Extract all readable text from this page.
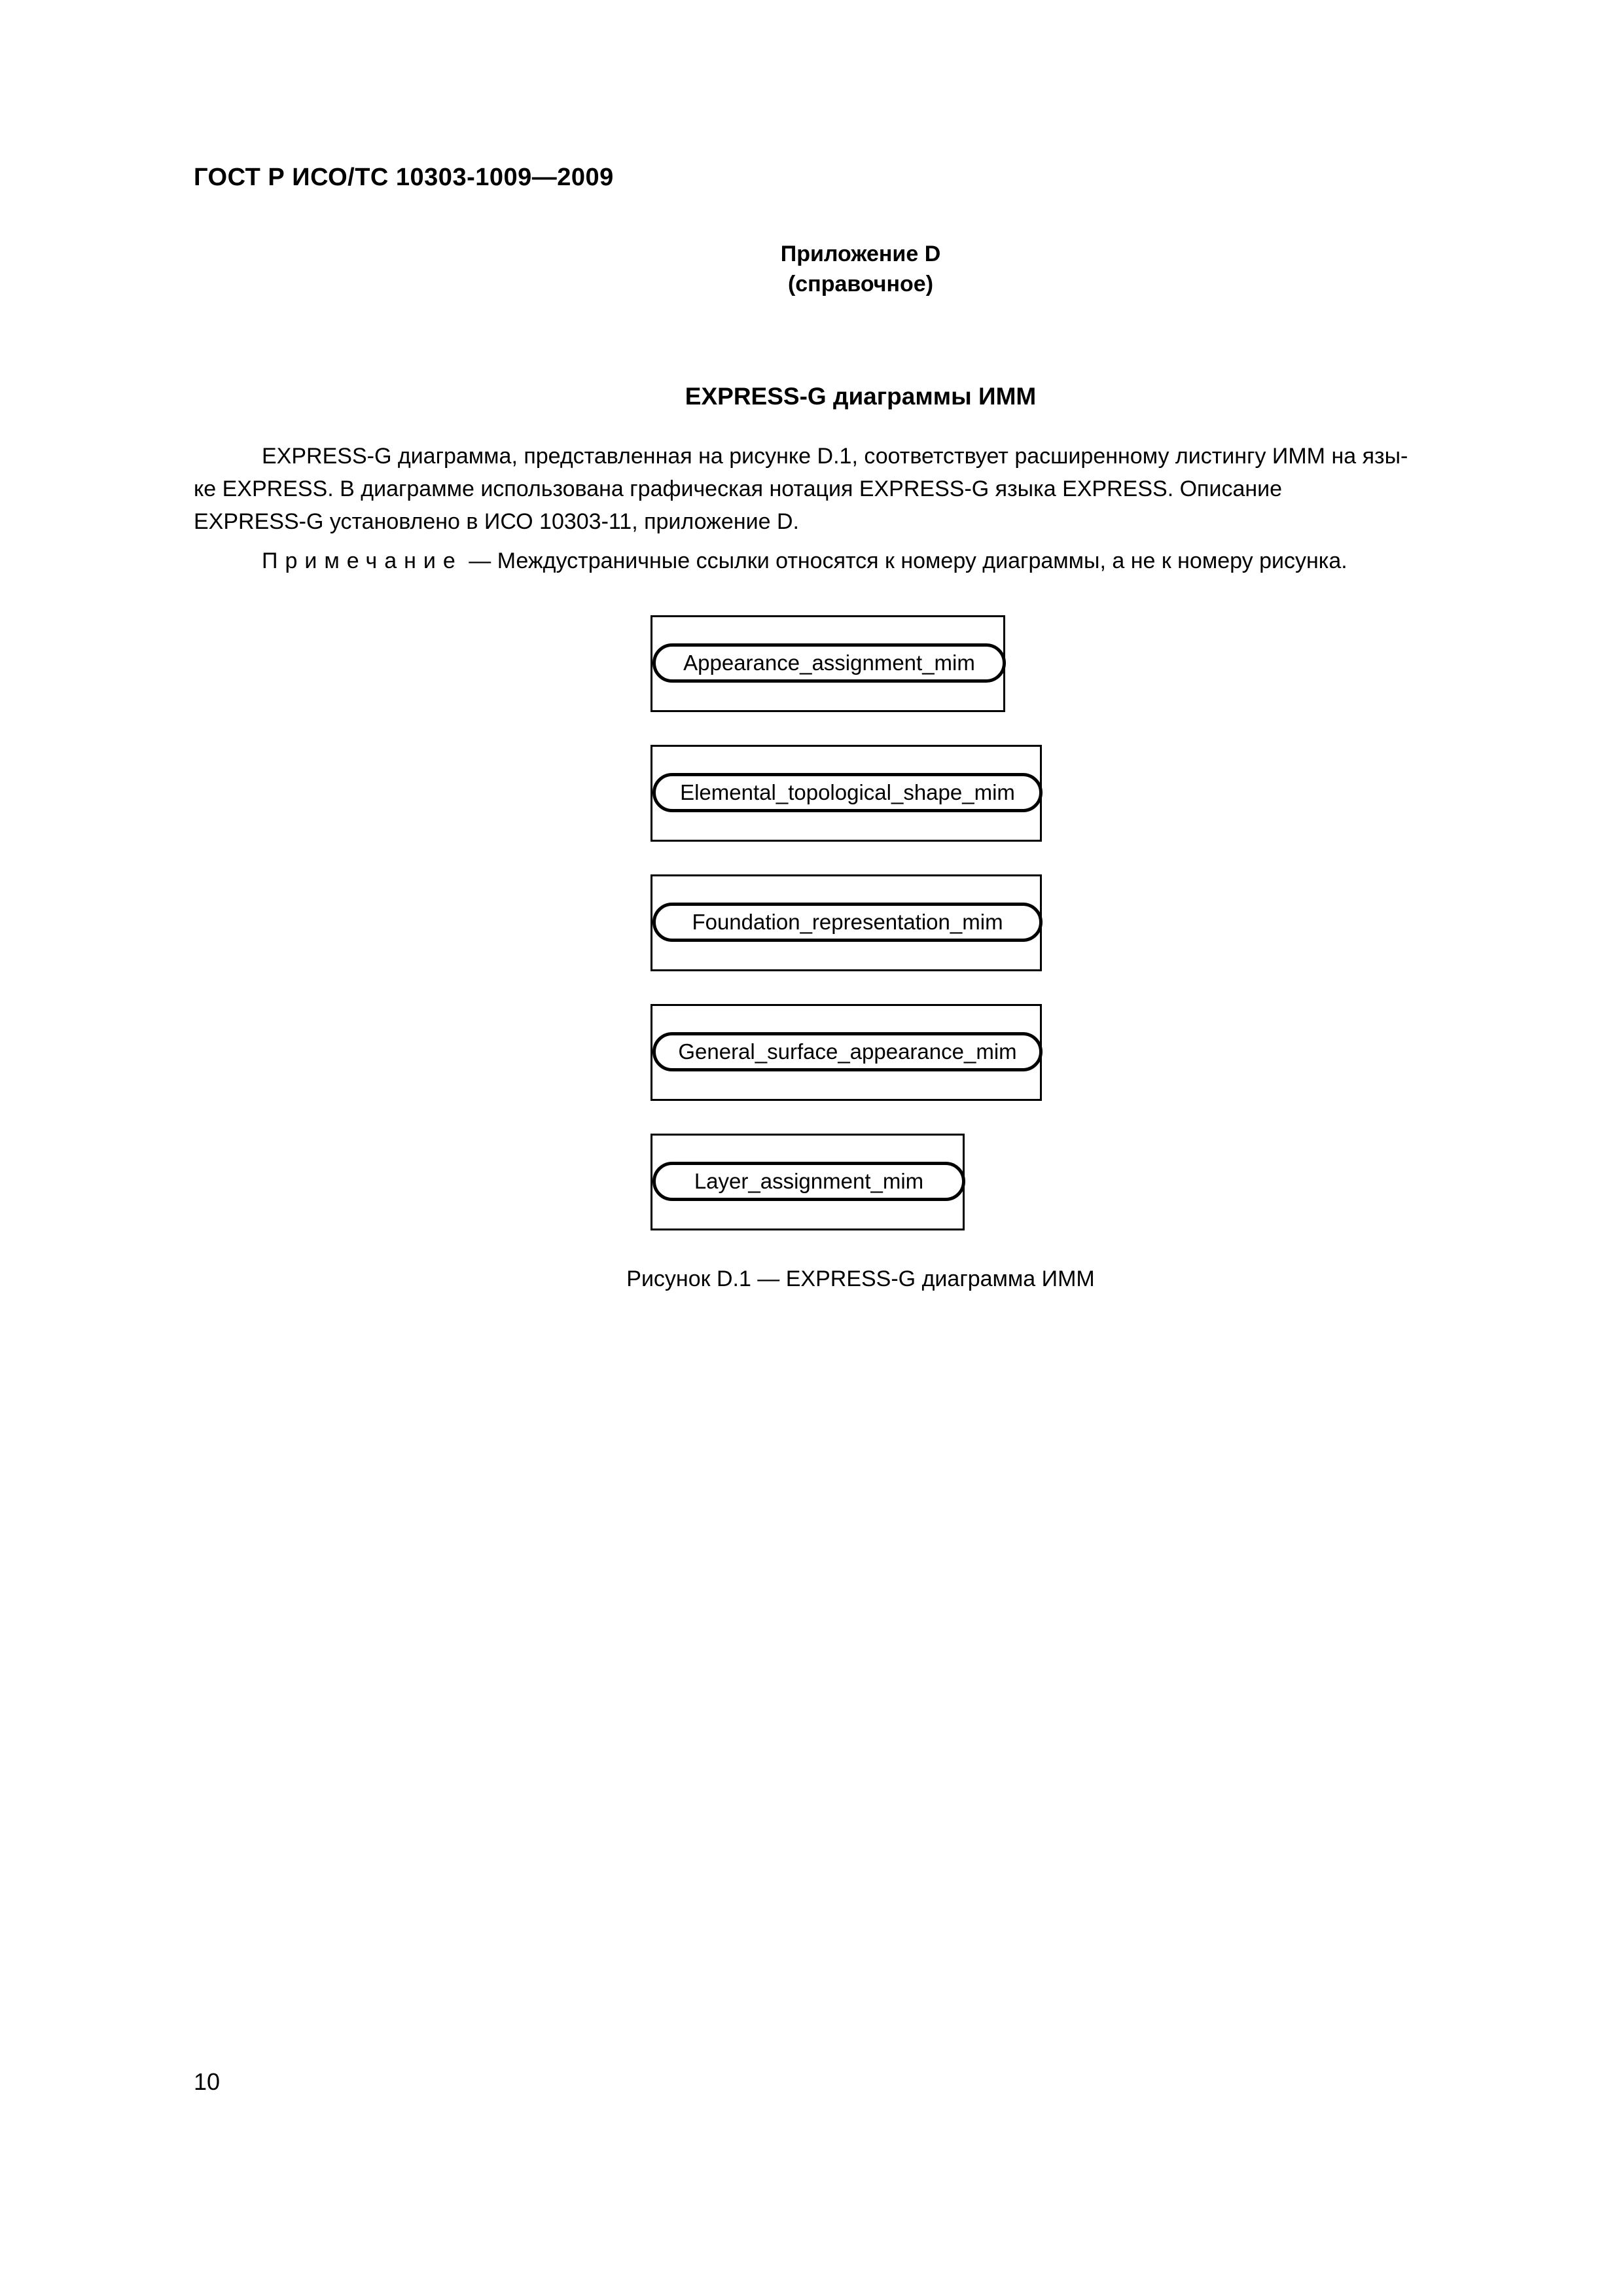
ГОСТ Р ИСО/ТС 10303-1009—2009
Приложение D
(справочное)
EXPRESS-G диаграммы ИММ
EXPRESS-G диаграмма, представленная на рисунке D.1, соответствует расширенному листингу ИММ на язы-
ке EXPRESS. В диаграмме использована графическая нотация EXPRESS-G языка EXPRESS. Описание
EXPRESS-G установлено в ИСО 10303-11, приложение D.
Примечание — Междустраничные ссылки относятся к номеру диаграммы, а не к номеру рисунка.
Appearance_assignment_mim
Elemental_topological_shape_mim
Foundation_representation_mim
General_surface_appearance_mim
Layer_assignment_mim
Рисунок D.1 — EXPRESS-G диаграмма ИММ
10
